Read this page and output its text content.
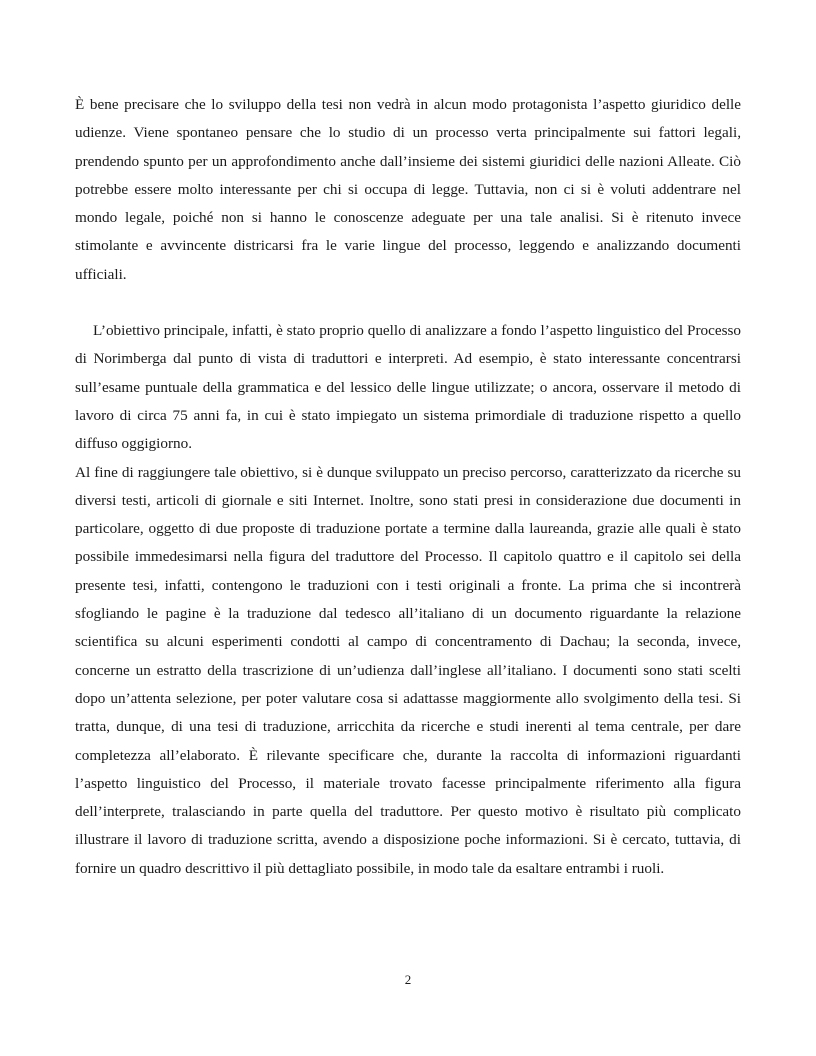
È bene precisare che lo sviluppo della tesi non vedrà in alcun modo protagonista l’aspetto giuridico delle udienze. Viene spontaneo pensare che lo studio di un processo verta principalmente sui fattori legali, prendendo spunto per un approfondimento anche dall’insieme dei sistemi giuridici delle nazioni Alleate. Ciò potrebbe essere molto interessante per chi si occupa di legge. Tuttavia, non ci si è voluti addentrare nel mondo legale, poiché non si hanno le conoscenze adeguate per una tale analisi. Si è ritenuto invece stimolante e avvincente districarsi fra le varie lingue del processo, leggendo e analizzando documenti ufficiali.

L’obiettivo principale, infatti, è stato proprio quello di analizzare a fondo l’aspetto linguistico del Processo di Norimberga dal punto di vista di traduttori e interpreti. Ad esempio, è stato interessante concentrarsi sull’esame puntuale della grammatica e del lessico delle lingue utilizzate; o ancora, osservare il metodo di lavoro di circa 75 anni fa, in cui è stato impiegato un sistema primordiale di traduzione rispetto a quello diffuso oggigiorno.

Al fine di raggiungere tale obiettivo, si è dunque sviluppato un preciso percorso, caratterizzato da ricerche su diversi testi, articoli di giornale e siti Internet. Inoltre, sono stati presi in considerazione due documenti in particolare, oggetto di due proposte di traduzione portate a termine dalla laureanda, grazie alle quali è stato possibile immedesimarsi nella figura del traduttore del Processo. Il capitolo quattro e il capitolo sei della presente tesi, infatti, contengono le traduzioni con i testi originali a fronte. La prima che si incontrerà sfogliando le pagine è la traduzione dal tedesco all’italiano di un documento riguardante la relazione scientifica su alcuni esperimenti condotti al campo di concentramento di Dachau; la seconda, invece, concerne un estratto della trascrizione di un’udienza dall’inglese all’italiano. I documenti sono stati scelti dopo un’attenta selezione, per poter valutare cosa si adattasse maggiormente allo svolgimento della tesi. Si tratta, dunque, di una tesi di traduzione, arricchita da ricerche e studi inerenti al tema centrale, per dare completezza all’elaborato. È rilevante specificare che, durante la raccolta di informazioni riguardanti l’aspetto linguistico del Processo, il materiale trovato facesse principalmente riferimento alla figura dell’interprete, tralasciando in parte quella del traduttore. Per questo motivo è risultato più complicato illustrare il lavoro di traduzione scritta, avendo a disposizione poche informazioni. Si è cercato, tuttavia, di fornire un quadro descrittivo il più dettagliato possibile, in modo tale da esaltare entrambi i ruoli.

2
